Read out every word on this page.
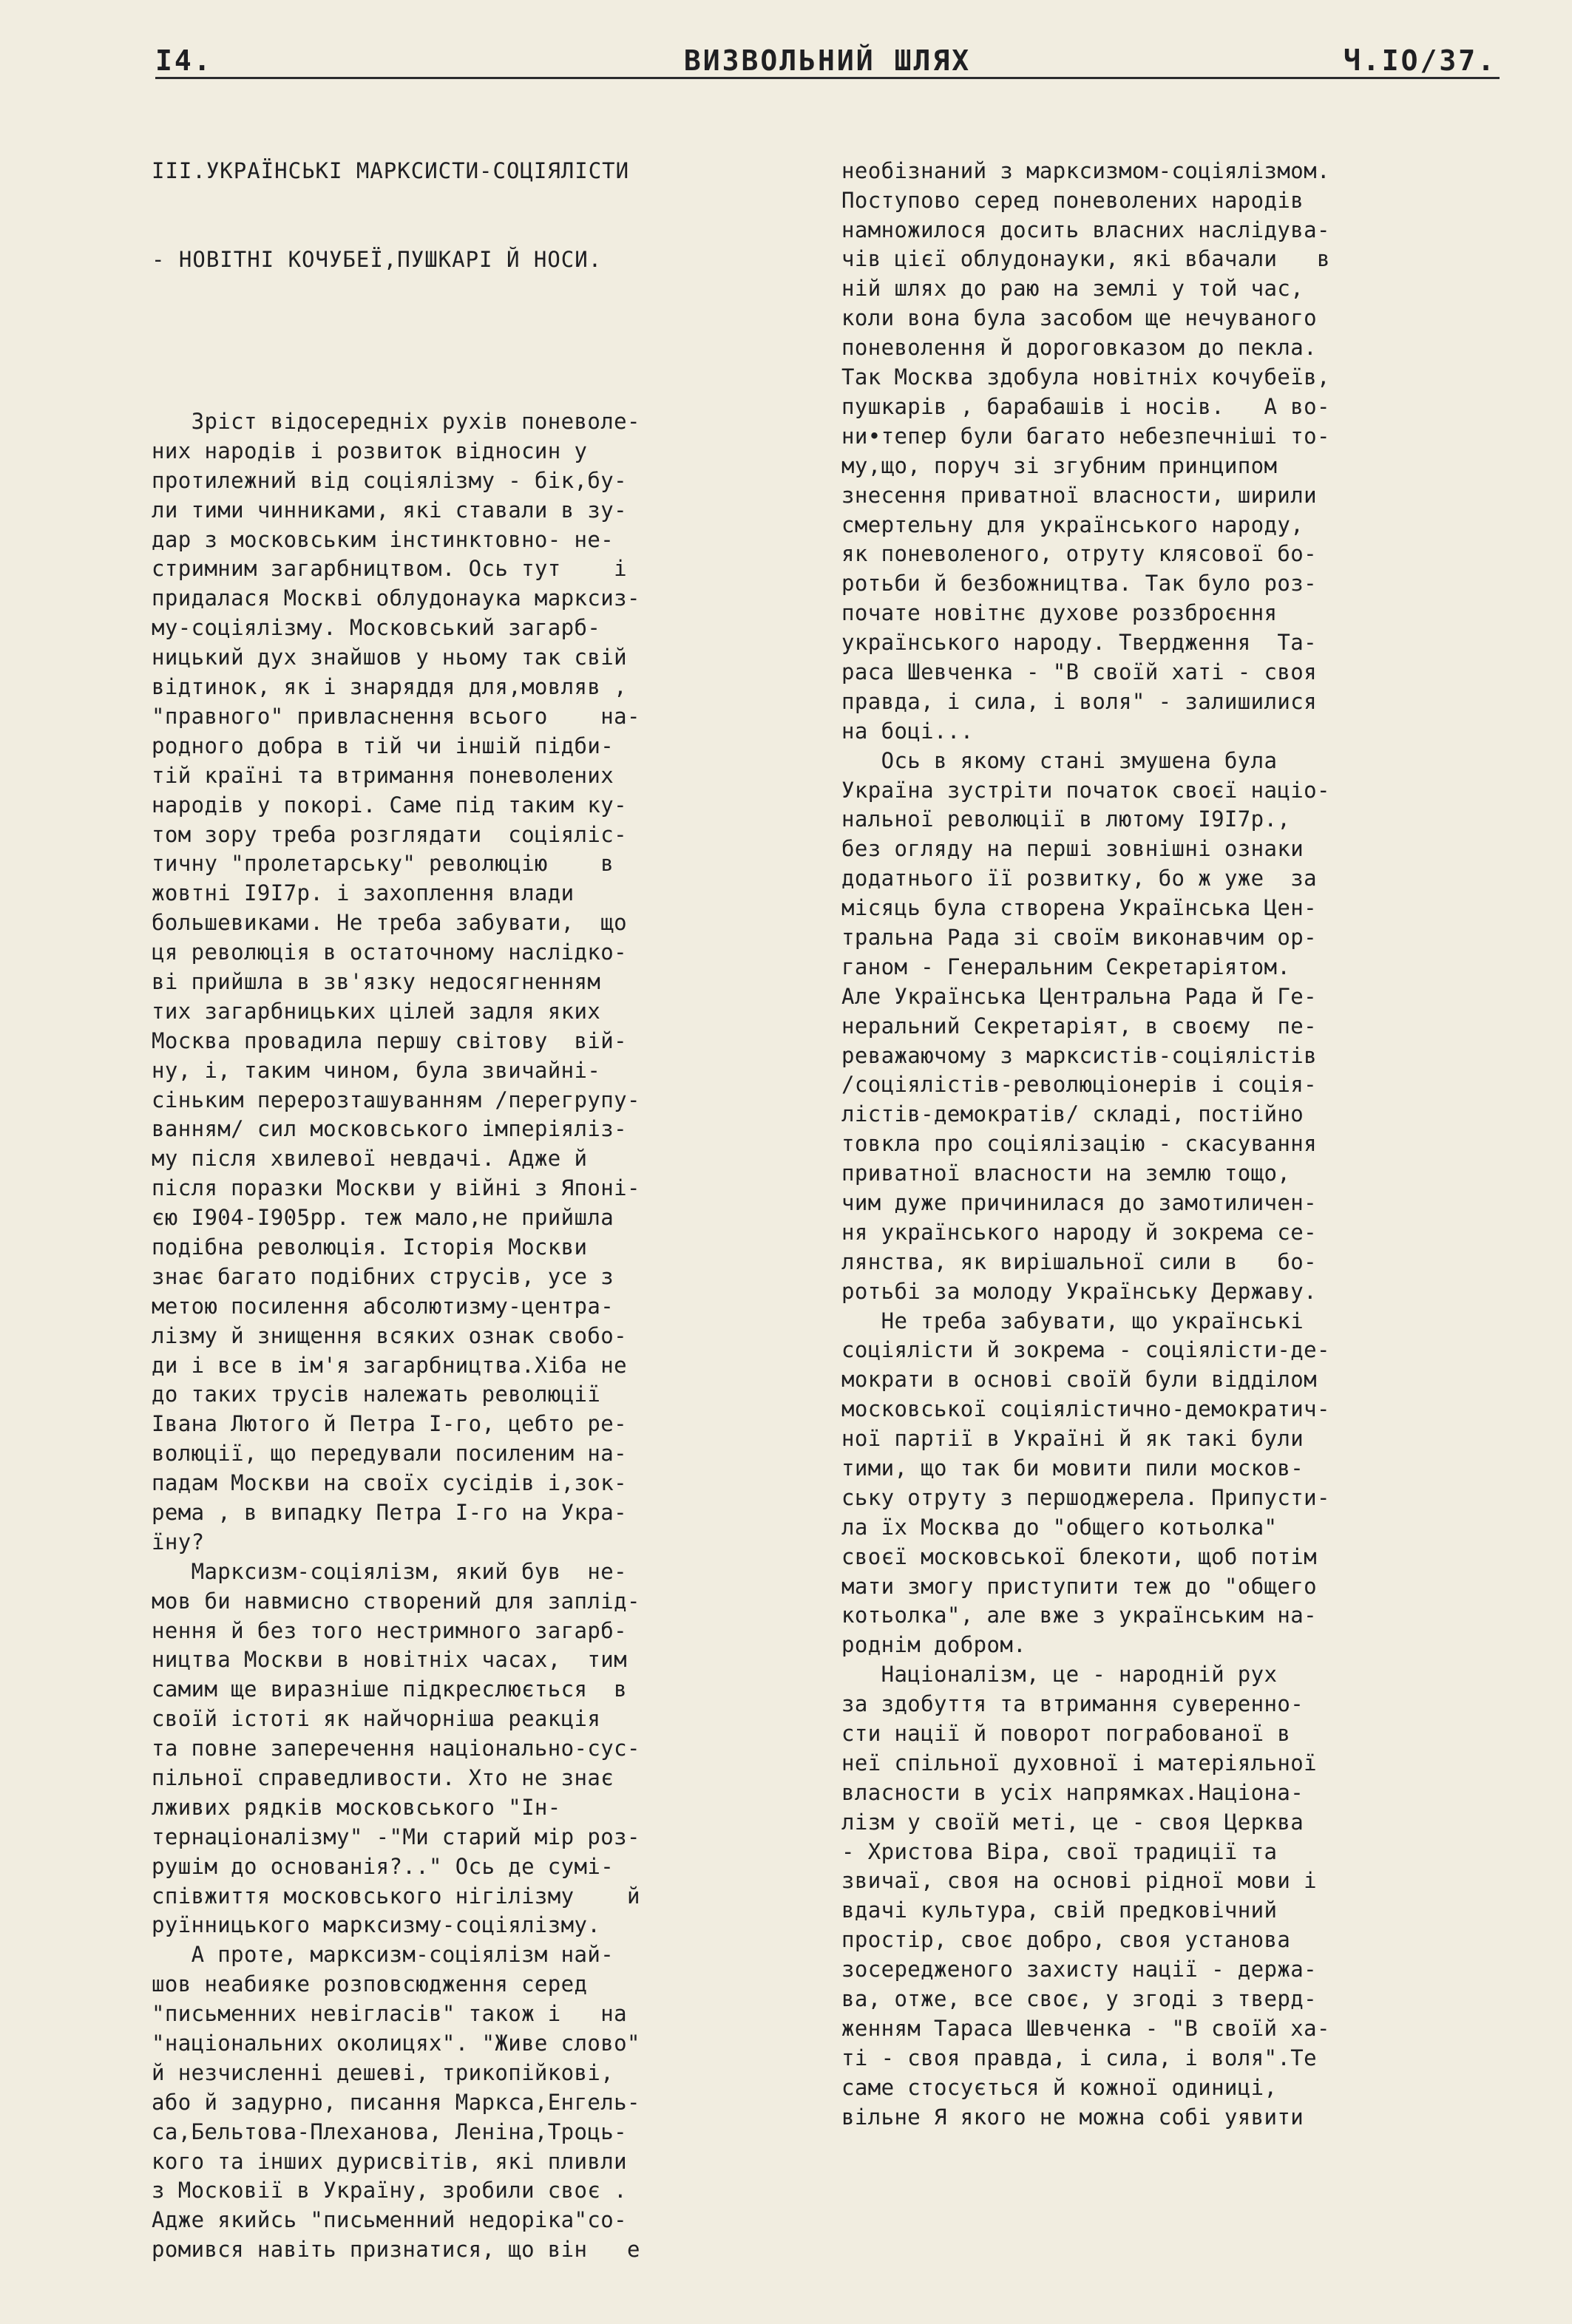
I4.	ВИЗВОЛЬНИЙ ШЛЯХ	Ч.IO/37.

III.УКРАЇНСЬКІ МАРКСИСТИ-СОЦІЯЛІСТИ

- НОВІТНІ КОЧУБЕЇ,ПУШКАРІ Й НОСИ.

Зріст відосередніх рухів поневоле-
них народів і розвиток відносин у
протилежний від соціялізму - бік,бу-
ли тими чинниками, які ставали в зу-
дар з московським інстинктовно- не-
стримним загарбництвом. Ось тут    і
придалася Москві облудонаука марксиз-
му-соціялізму. Московський загарб-
ницький дух знайшов у ньому так свій
відтинок, як і знаряддя для,мовляв ,
"правного" привласнення всього    на-
родного добра в тій чи іншій підби-
тій країні та втримання поневолених
народів у покорі. Саме під таким ку-
том зору треба розглядати  соціяліс-
тичну "пролетарську" революцію    в
жовтні I9I7р. і захоплення влади
большевиками. Не треба забувати,  що
ця революція в остаточному наслідко-
ві прийшла в зв'язку недосягненням
тих загарбницьких цілей задля яких
Москва провадила першу світову  вій-
ну, і, таким чином, була звичайні-
сіньким перерозташуванням /перегрупу-
ванням/ сил московського імперіяліз-
му після хвилевої невдачі. Адже й
після поразки Москви у війні з Японі-
єю I904-I905рр. теж мало,не прийшла
подібна революція. Історія Москви
знає багато подібних струсів, усе з
метою посилення абсолютизму-центра-
лізму й знищення всяких ознак свобо-
ди і все в ім'я загарбництва.Хіба не
до таких трусів належать революції
Івана Лютого й Петра I-го, цебто ре-
волюції, що передували посиленим на-
падам Москви на своїх сусідів і,зок-
рема , в випадку Петра I-го на Укра-
їну?
Марксизм-соціялізм, який був  не-
мов би навмисно створений для заплід-
нення й без того нестримного загарб-
ництва Москви в новітніх часах,  тим
самим ще виразніше підкреслюється  в
своїй істоті як найчорніша реакція
та повне заперечення національно-сус-
пільної справедливости. Хто не знає
лживих рядків московського "Ін-
тернаціоналізму" -"Ми старий мір роз-
рушім до основанія?.." Ось де сумі-
співжиття московського нігілізму    й
руїнницького марксизму-соціялізму.
А проте, марксизм-соціялізм най-
шов неабияке розповсюдження серед
"письменних невігласів" також і   на
"національних околицях". "Живе слово"
й незчисленні дешеві, трикопійкові,
або й задурно, писання Маркса,Енгель-
са,Бельтова-Плеханова, Леніна,Троць-
кого та інших дурисвітів, які пливли
з Московії в Україну, зробили своє .
Адже якийсь "письменний недоріка"со-
ромився навіть признатися, що він   е

необізнаний з марксизмом-соціялізмом.
Поступово серед поневолених народів
намножилося досить власних наслідува-
чів цієї облудонауки, які вбачали   в
ній шлях до раю на землі у той час,
коли вона була засобом ще нечуваного
поневолення й дороговказом до пекла.
Так Москва здобула новітніх кочубеїв,
пушкарів , барабашів і носів.   А во-
ни•тепер були багато небезпечніші то-
му,що, поруч зі згубним принципом
знесення приватної власности, ширили
смертельну для українського народу,
як поневоленого, отруту клясової бо-
ротьби й безбожництва. Так було роз-
почате новітнє духове роззброєння
українського народу. Твердження  Та-
раса Шевченка - "В своїй хаті - своя
правда, і сила, і воля" - залишилися
на боці...
Ось в якому стані змушена була
Україна зустріти початок своєї націо-
нальної революції в лютому I9I7р.,
без огляду на перші зовнішні ознаки
додатнього її розвитку, бо ж уже  за
місяць була створена Українська Цен-
тральна Рада зі своїм виконавчим ор-
ганом - Генеральним Секретаріятом.
Але Українська Центральна Рада й Ге-
неральний Секретаріят, в своєму  пе-
реважаючому з марксистів-соціялістів
/соціялістів-революціонерів і соція-
лістів-демократів/ складі, постійно
товкла про соціялізацію - скасування
приватної власности на землю тощо,
чим дуже причинилася до замотиличен-
ня українського народу й зокрема се-
лянства, як вирішальної сили в   бо-
ротьбі за молоду Українську Державу.
Не треба забувати, що українські
соціялісти й зокрема - соціялісти-де-
мократи в основі своїй були віддiлом
московської соціялістично-демократич-
ної партії в Україні й як такі були
тими, що так би мовити пили москов-
ську отруту з першоджерела. Припусти-
ла їх Москва до "общего котьолка"
своєї московської блекоти, щоб потім
мати змогу приступити теж до "общего
котьолка", але вже з українським на-
роднім добром.
Націоналізм, це - народній рух
за здобуття та втримання суверенно-
сти нації й поворот пограбованої в
неї спільної духовної і матеріяльної
власности в усіх напрямках.Націона-
лізм у своїй меті, це - своя Церква
- Христова Віра, свої традиції та
звичаї, своя на основі рідної мови і
вдачі культура, свій предковічний
простір, своє добро, своя установа
зосередженого захисту нації - держа-
ва, отже, все своє, у згоді з тверд-
женням Тараса Шевченка - "В своїй ха-
ті - своя правда, і сила, і воля".Те
саме стосується й кожної одиниці,
вільне Я якого не можна собі уявити
